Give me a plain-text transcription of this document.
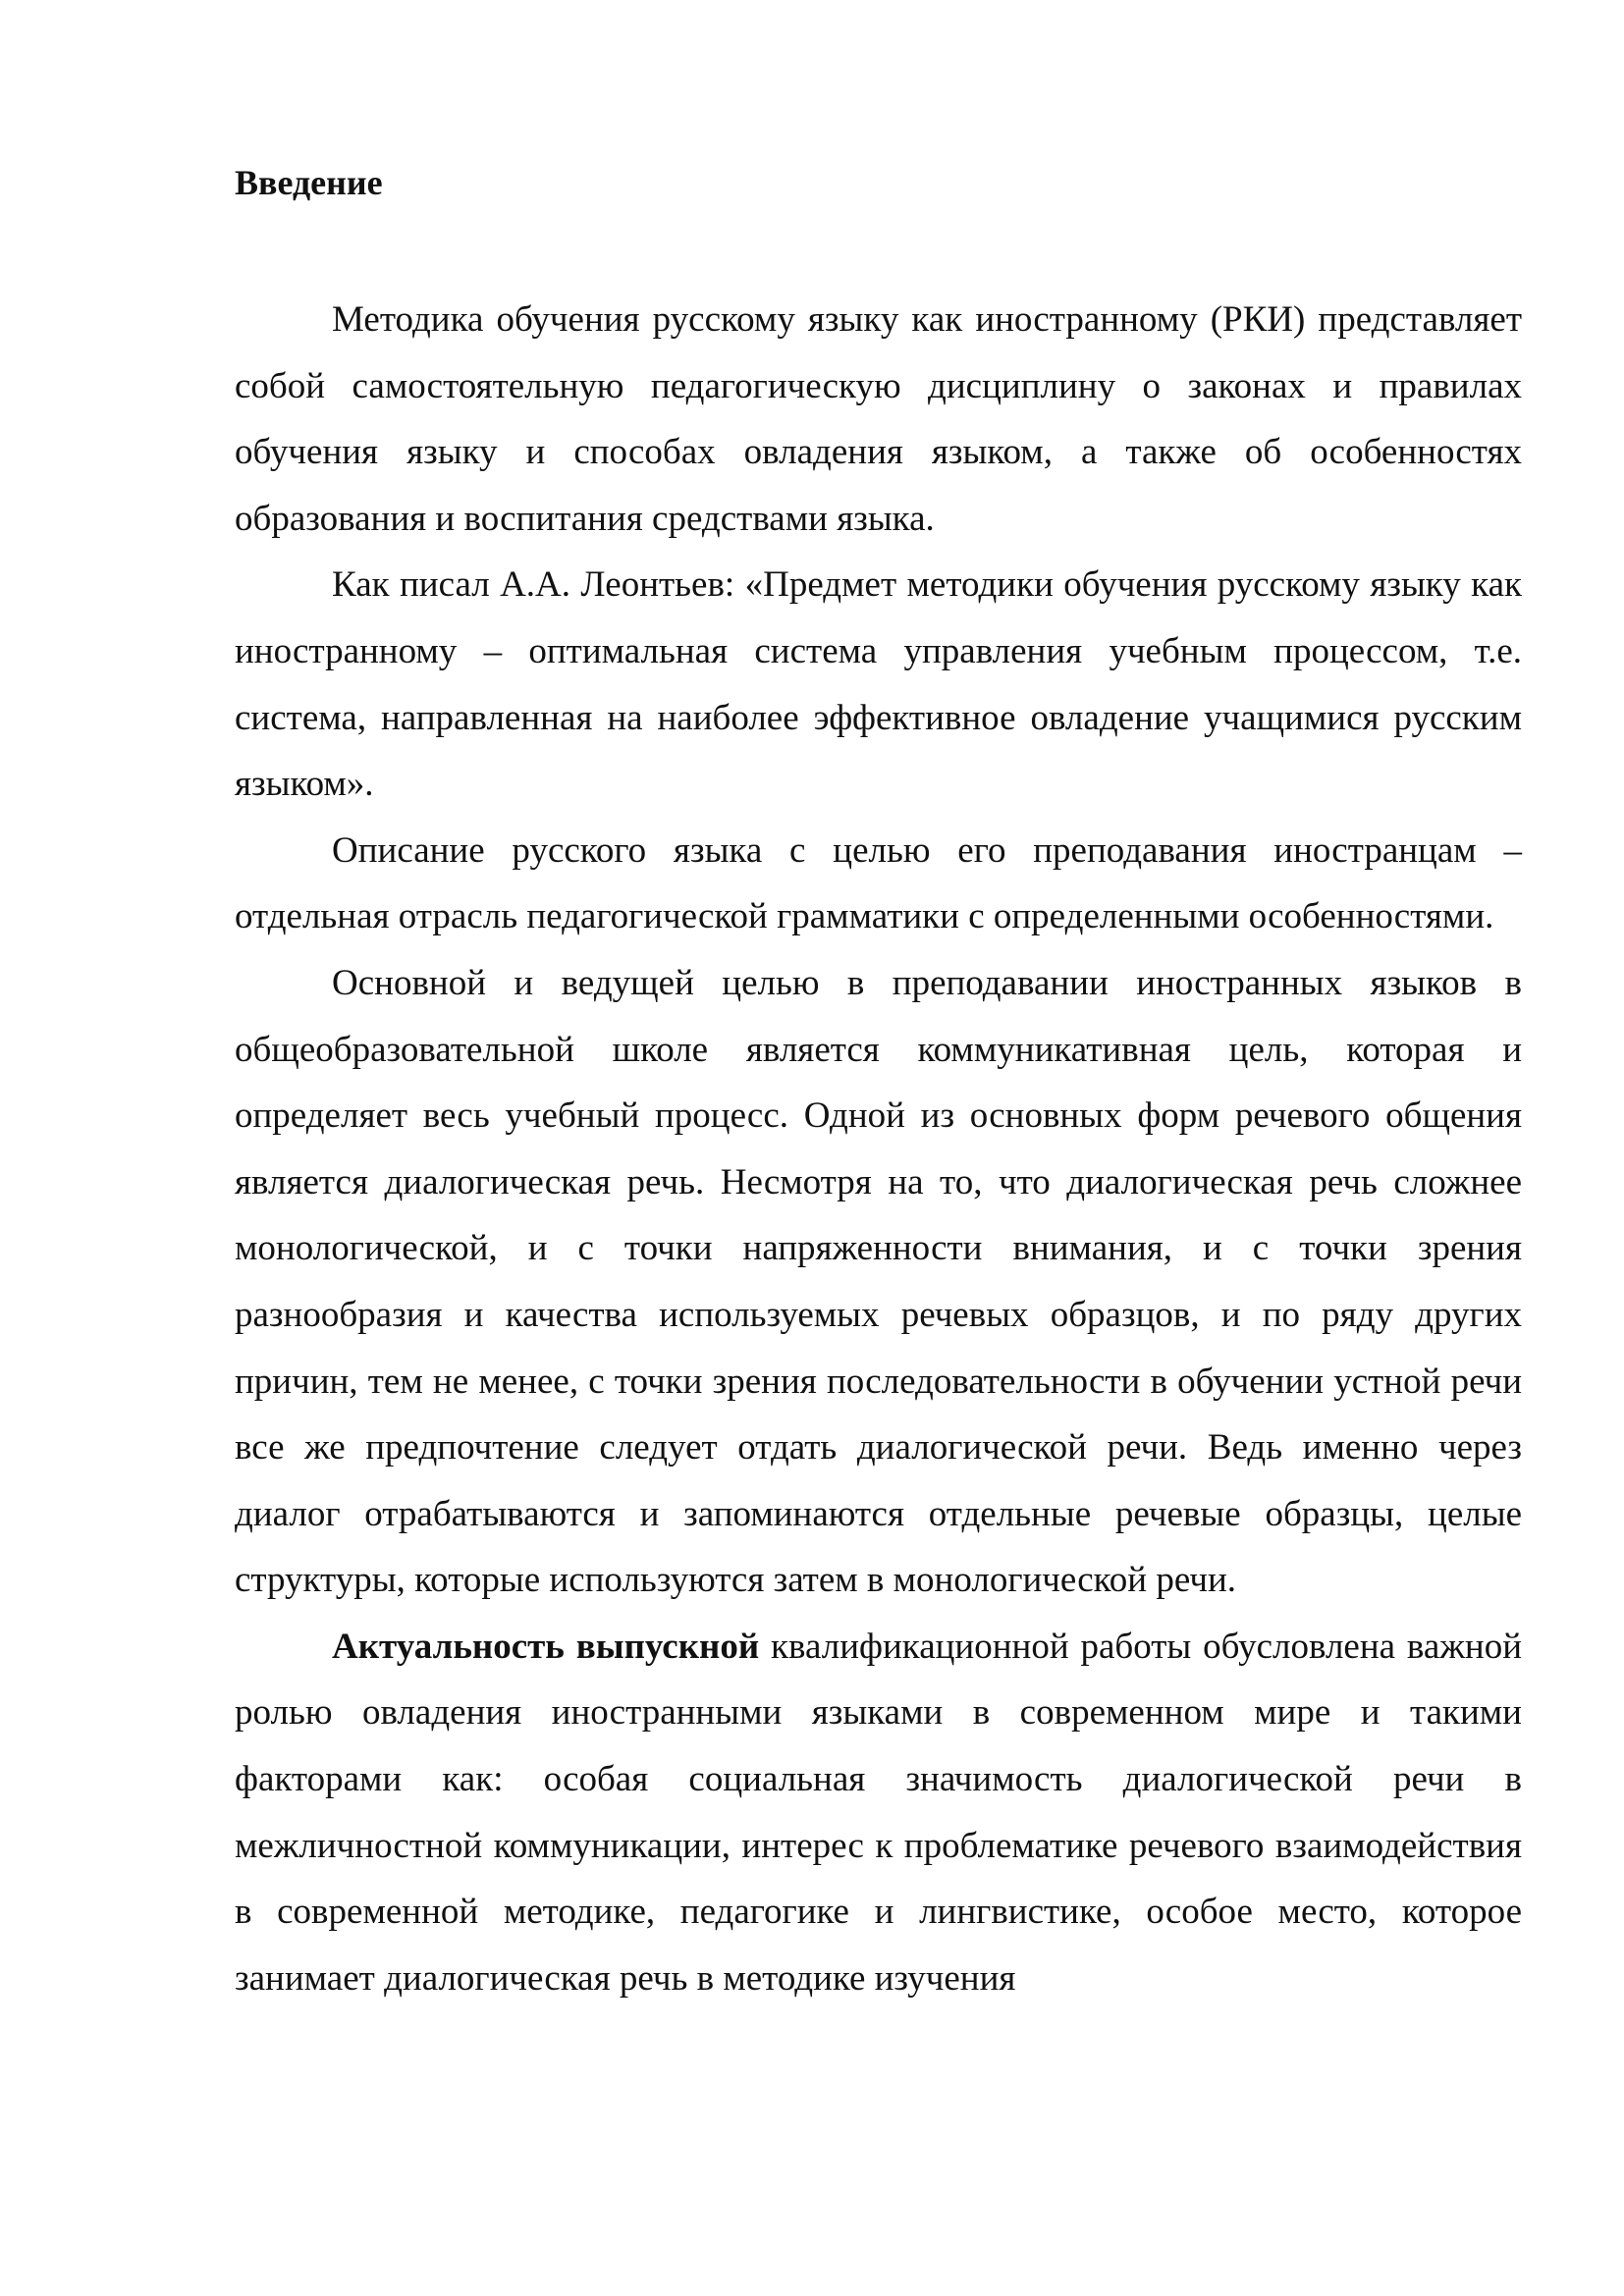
Введение

Методика обучения русскому языку как иностранному (РКИ) представляет собой самостоятельную педагогическую дисциплину о законах и правилах обучения языку и способах овладения языком, а также об особенностях образования и воспитания средствами языка.

Как писал А.А. Леонтьев: «Предмет методики обучения русскому языку как иностранному – оптимальная система управления учебным процессом, т.е. система, направленная на наиболее эффективное овладение учащимися русским языком».

Описание русского языка с целью его преподавания иностранцам – отдельная отрасль педагогической грамматики с определенными особенностями.

Основной и ведущей целью в преподавании иностранных языков в общеобразовательной школе является коммуникативная цель, которая и определяет весь учебный процесс. Одной из основных форм речевого общения является диалогическая речь. Несмотря на то, что диалогическая речь сложнее монологической, и с точки напряженности внимания, и с точки зрения разнообразия и качества используемых речевых образцов, и по ряду других причин, тем не менее, с точки зрения последовательности в обучении устной речи все же предпочтение следует отдать диалогической речи. Ведь именно через диалог отрабатываются и запоминаются отдельные речевые образцы, целые структуры, которые используются затем в монологической речи.

Актуальность выпускной квалификационной работы обусловлена важной ролью овладения иностранными языками в современном мире и такими факторами как: особая социальная значимость диалогической речи в межличностной коммуникации, интерес к проблематике речевого взаимодействия в современной методике, педагогике и лингвистике, особое место, которое занимает диалогическая речь в методике изучения
